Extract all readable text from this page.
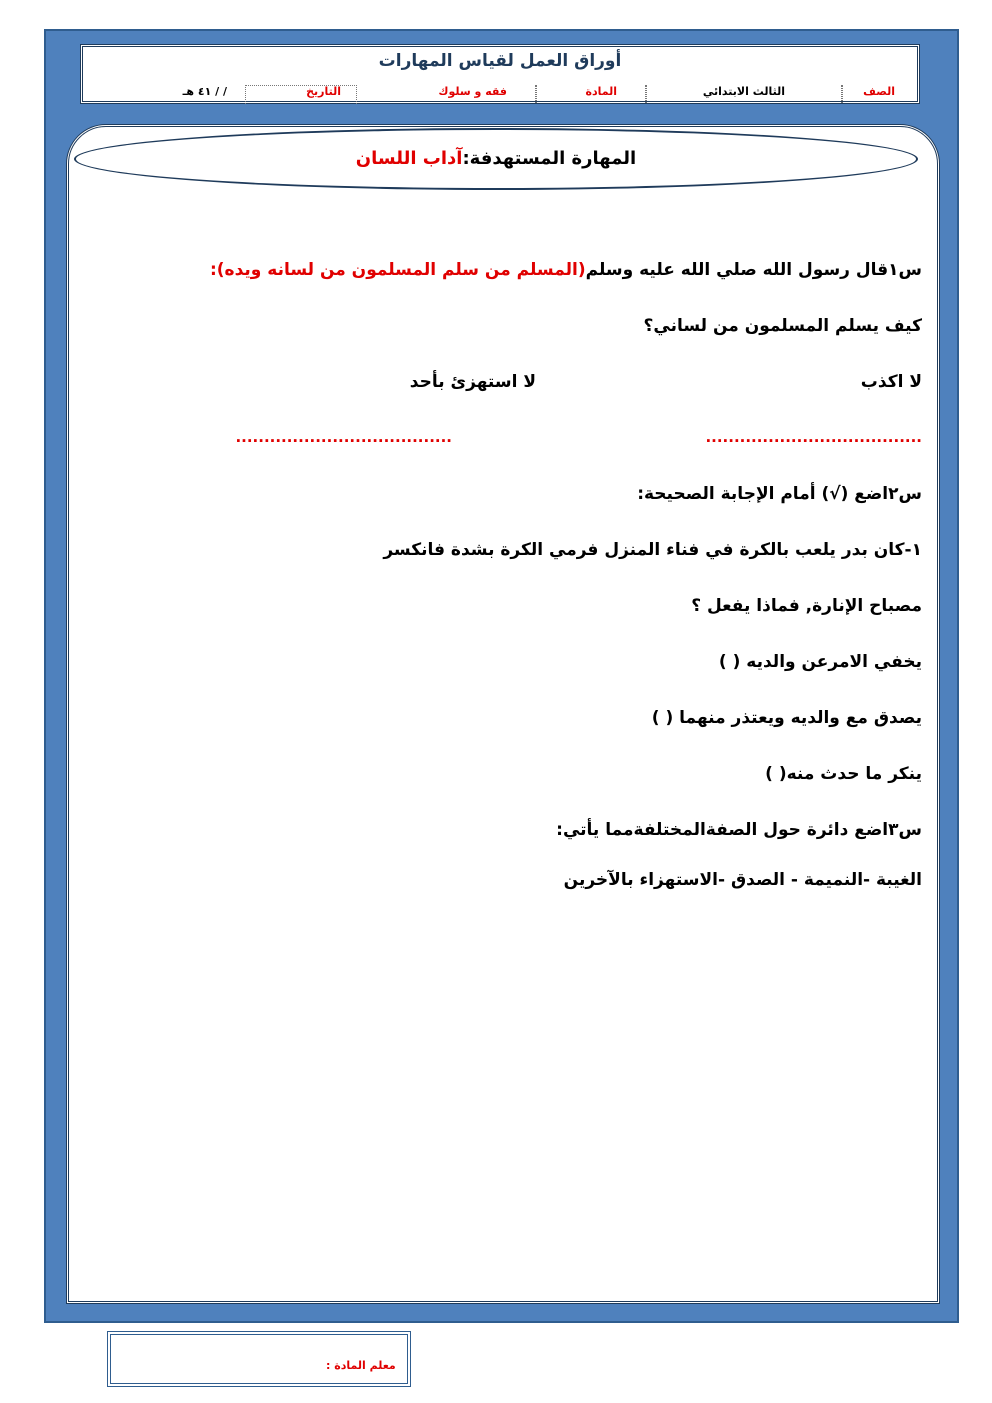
أوراق العمل لقياس المهارات
الصف
الثالث الابتدائي
المادة
فقه و سلوك
التاريخ
/ / ٤١ هـ
المهارة المستهدفة:آداب اللسان
س١قال رسول الله صلي الله عليه وسلم(المسلم من سلم المسلمون من لسانه ويده):
كيف يسلم المسلمون من لساني؟
لا اكذب
لا استهزئ بأحد
......................................
......................................
س٢اضع (√) أمام الإجابة الصحيحة:
١-كان بدر يلعب بالكرة في فناء المنزل فرمي الكرة بشدة فانكسر
مصباح الإنارة, فماذا يفعل ؟
يخفي الامرعن والديه ( )
يصدق مع والديه ويعتذر منهما ( )
ينكر ما حدث منه( )
س٣اضع دائرة حول الصفةالمختلفةمما يأتي:
الغيبة -النميمة - الصدق -الاستهزاء بالآخرين
معلم المادة :
